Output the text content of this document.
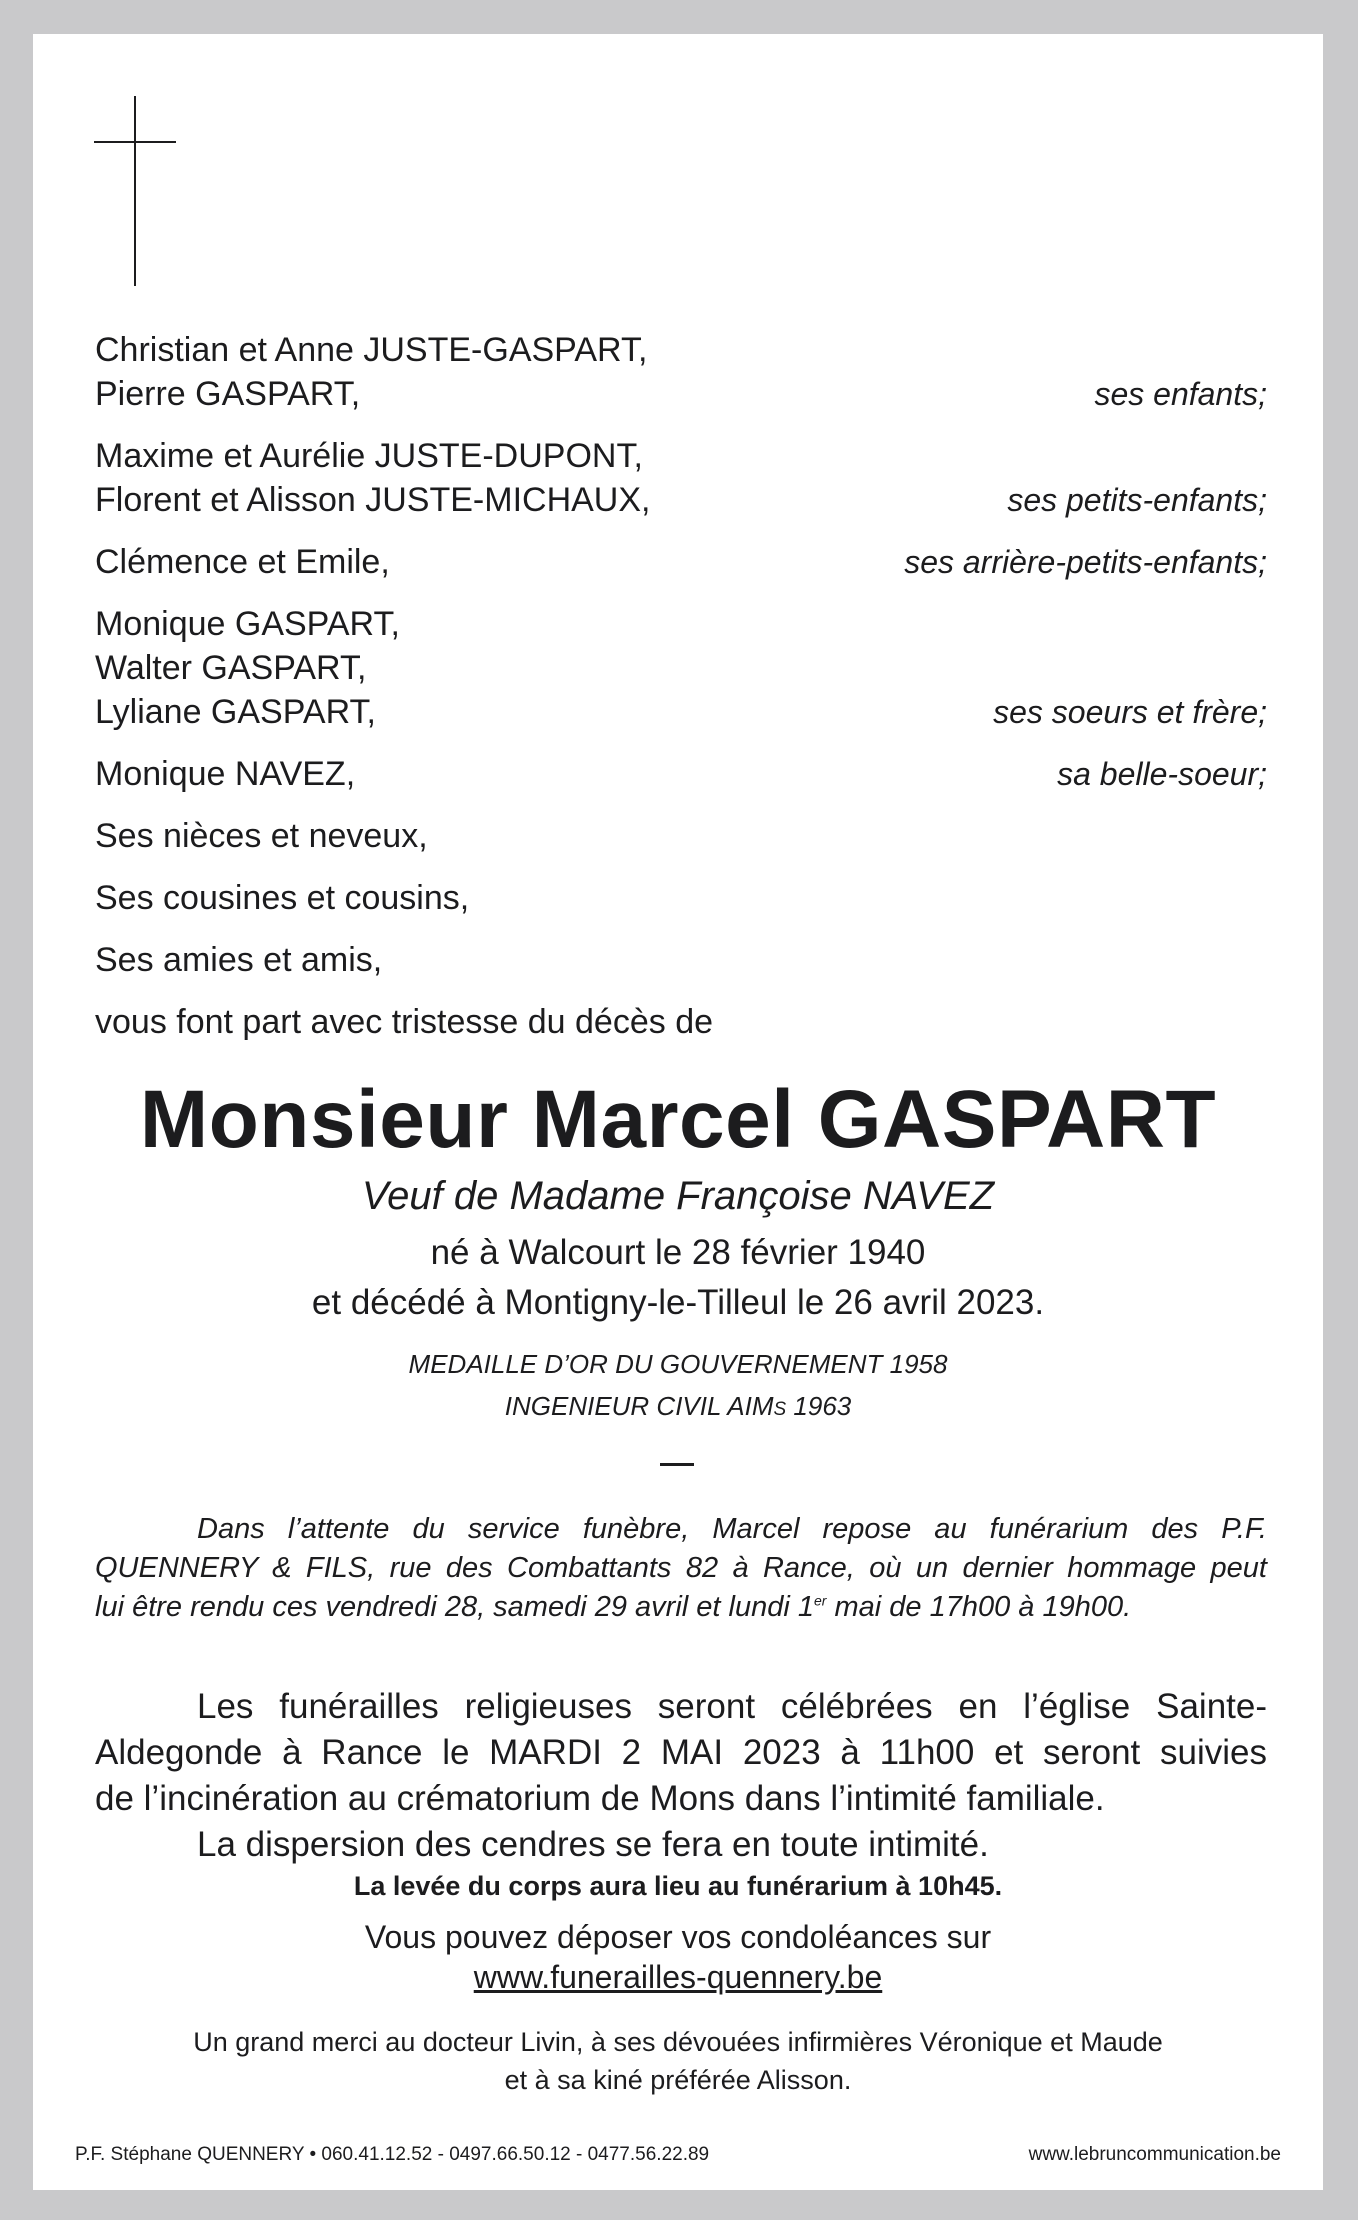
Christian et Anne JUSTE-GASPART,
Pierre GASPART,	ses enfants;
Maxime et Aurélie JUSTE-DUPONT,
Florent et Alisson JUSTE-MICHAUX,	ses petits-enfants;
Clémence et Emile,	ses arrière-petits-enfants;
Monique GASPART,
Walter GASPART,
Lyliane GASPART,	ses soeurs et frère;
Monique NAVEZ,	sa belle-soeur;
Ses nièces et neveux,
Ses cousines et cousins,
Ses amies et amis,
vous font part avec tristesse du décès de
Monsieur Marcel GASPART
Veuf de Madame Françoise NAVEZ
né à Walcourt le 28 février 1940
et décédé à Montigny-le-Tilleul le 26 avril 2023.
MEDAILLE D’OR DU GOUVERNEMENT 1958
INGENIEUR CIVIL AIMS 1963
Dans l’attente du service funèbre, Marcel repose au funérarium des P.F.
QUENNERY & FILS, rue des Combattants 82 à Rance, où un dernier hommage peut
lui être rendu ces vendredi 28, samedi 29 avril et lundi 1er mai de 17h00 à 19h00.
Les funérailles religieuses seront célébrées en l’église Sainte-
Aldegonde à Rance le MARDI 2 MAI 2023 à 11h00 et seront suivies
de l’incinération au crématorium de Mons dans l’intimité familiale.
La dispersion des cendres se fera en toute intimité.
La levée du corps aura lieu au funérarium à 10h45.
Vous pouvez déposer vos condoléances sur
www.funerailles-quennery.be
Un grand merci au docteur Livin, à ses dévouées infirmières Véronique et Maude
et à sa kiné préférée Alisson.
P.F. Stéphane QUENNERY • 060.41.12.52 - 0497.66.50.12 - 0477.56.22.89	www.lebruncommunication.be
